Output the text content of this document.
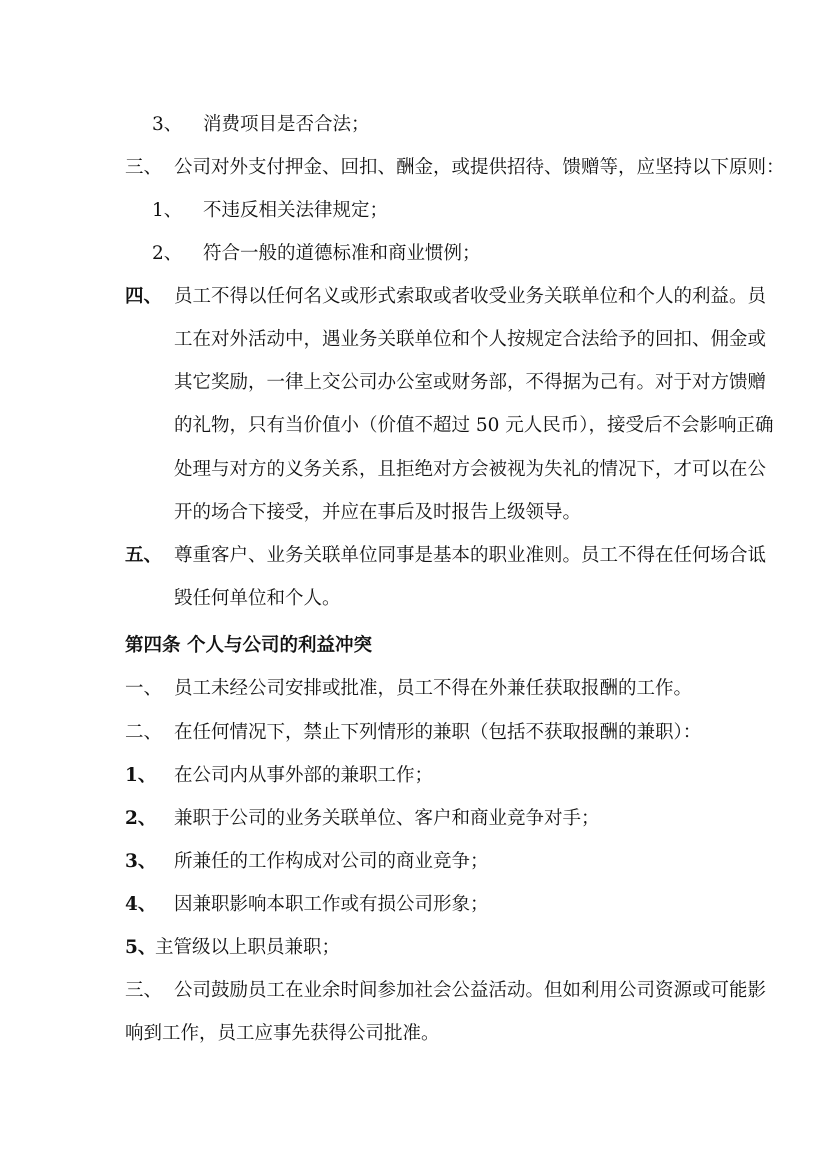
3、 消费项目是否合法；
三、 公司对外支付押金、回扣、酬金，或提供招待、馈赠等，应坚持以下原则：
1、 不违反相关法律规定；
2、 符合一般的道德标准和商业惯例；
四、 员工不得以任何名义或形式索取或者收受业务关联单位和个人的利益。员
工在对外活动中，遇业务关联单位和个人按规定合法给予的回扣、佣金或
其它奖励，一律上交公司办公室或财务部，不得据为己有。对于对方馈赠
的礼物，只有当价值小（价值不超过 50 元人民币），接受后不会影响正确
处理与对方的义务关系，且拒绝对方会被视为失礼的情况下，才可以在公
开的场合下接受，并应在事后及时报告上级领导。
五、 尊重客户、业务关联单位同事是基本的职业准则。员工不得在任何场合诋
毁任何单位和个人。
第四条 个人与公司的利益冲突
一、 员工未经公司安排或批准，员工不得在外兼任获取报酬的工作。
二、 在任何情况下，禁止下列情形的兼职（包括不获取报酬的兼职）：
1、 在公司内从事外部的兼职工作；
2、 兼职于公司的业务关联单位、客户和商业竞争对手；
3、 所兼任的工作构成对公司的商业竞争；
4、 因兼职影响本职工作或有损公司形象；
5、
主管级以上职员兼职；
三、 公司鼓励员工在业余时间参加社会公益活动。但如利用公司资源或可能影
响到工作，员工应事先获得公司批准。
